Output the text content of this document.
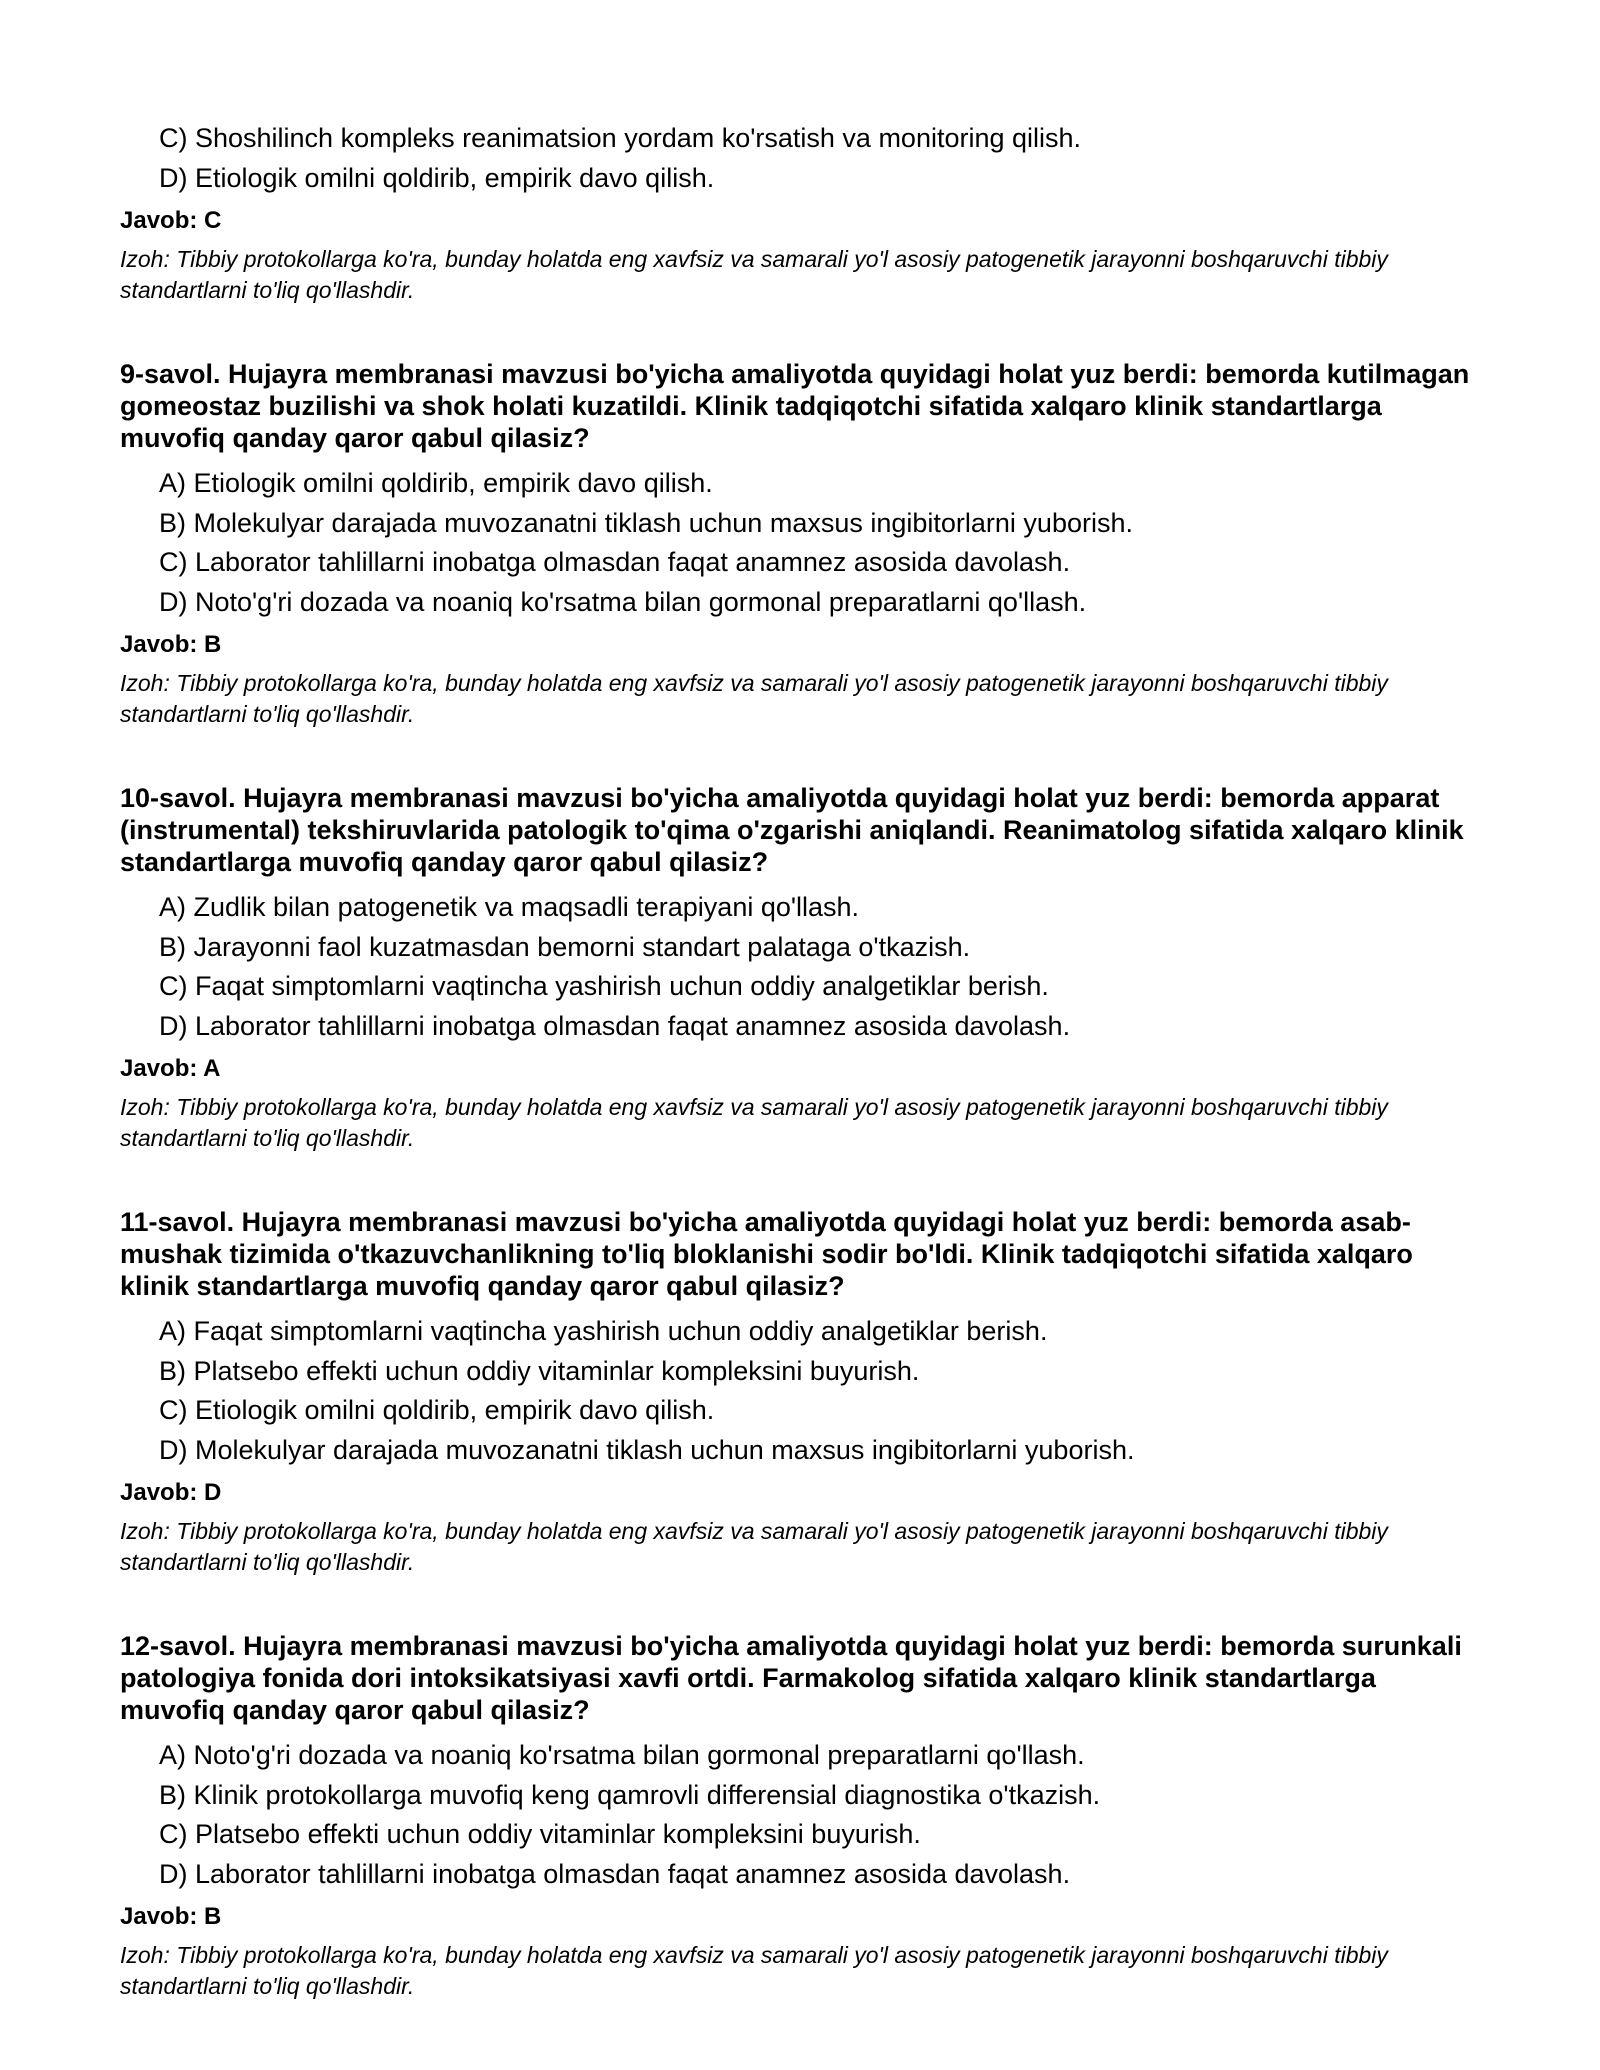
C) Shoshilinch kompleks reanimatsion yordam ko'rsatish va monitoring qilish.
D) Etiologik omilni qoldirib, empirik davo qilish.
Javob: C
Izoh: Tibbiy protokollarga ko'ra, bunday holatda eng xavfsiz va samarali yo'l asosiy patogenetik jarayonni boshqaruvchi tibbiy standartlarni to'liq qo'llashdir.
9-savol. Hujayra membranasi mavzusi bo'yicha amaliyotda quyidagi holat yuz berdi: bemorda kutilmagan gomeostaz buzilishi va shok holati kuzatildi. Klinik tadqiqotchi sifatida xalqaro klinik standartlarga muvofiq qanday qaror qabul qilasiz?
A) Etiologik omilni qoldirib, empirik davo qilish.
B) Molekulyar darajada muvozanatni tiklash uchun maxsus ingibitorlarni yuborish.
C) Laborator tahlillarni inobatga olmasdan faqat anamnez asosida davolash.
D) Noto'g'ri dozada va noaniq ko'rsatma bilan gormonal preparatlarni qo'llash.
Javob: B
Izoh: Tibbiy protokollarga ko'ra, bunday holatda eng xavfsiz va samarali yo'l asosiy patogenetik jarayonni boshqaruvchi tibbiy standartlarni to'liq qo'llashdir.
10-savol. Hujayra membranasi mavzusi bo'yicha amaliyotda quyidagi holat yuz berdi: bemorda apparat (instrumental) tekshiruvlarida patologik to'qima o'zgarishi aniqlandi. Reanimatolog sifatida xalqaro klinik standartlarga muvofiq qanday qaror qabul qilasiz?
A) Zudlik bilan patogenetik va maqsadli terapiyani qo'llash.
B) Jarayonni faol kuzatmasdan bemorni standart palataga o'tkazish.
C) Faqat simptomlarni vaqtincha yashirish uchun oddiy analgetiklar berish.
D) Laborator tahlillarni inobatga olmasdan faqat anamnez asosida davolash.
Javob: A
Izoh: Tibbiy protokollarga ko'ra, bunday holatda eng xavfsiz va samarali yo'l asosiy patogenetik jarayonni boshqaruvchi tibbiy standartlarni to'liq qo'llashdir.
11-savol. Hujayra membranasi mavzusi bo'yicha amaliyotda quyidagi holat yuz berdi: bemorda asab-mushak tizimida o'tkazuvchanlikning to'liq bloklanishi sodir bo'ldi. Klinik tadqiqotchi sifatida xalqaro klinik standartlarga muvofiq qanday qaror qabul qilasiz?
A) Faqat simptomlarni vaqtincha yashirish uchun oddiy analgetiklar berish.
B) Platsebo effekti uchun oddiy vitaminlar kompleksini buyurish.
C) Etiologik omilni qoldirib, empirik davo qilish.
D) Molekulyar darajada muvozanatni tiklash uchun maxsus ingibitorlarni yuborish.
Javob: D
Izoh: Tibbiy protokollarga ko'ra, bunday holatda eng xavfsiz va samarali yo'l asosiy patogenetik jarayonni boshqaruvchi tibbiy standartlarni to'liq qo'llashdir.
12-savol. Hujayra membranasi mavzusi bo'yicha amaliyotda quyidagi holat yuz berdi: bemorda surunkali patologiya fonida dori intoksikatsiyasi xavfi ortdi. Farmakolog sifatida xalqaro klinik standartlarga muvofiq qanday qaror qabul qilasiz?
A) Noto'g'ri dozada va noaniq ko'rsatma bilan gormonal preparatlarni qo'llash.
B) Klinik protokollarga muvofiq keng qamrovli differensial diagnostika o'tkazish.
C) Platsebo effekti uchun oddiy vitaminlar kompleksini buyurish.
D) Laborator tahlillarni inobatga olmasdan faqat anamnez asosida davolash.
Javob: B
Izoh: Tibbiy protokollarga ko'ra, bunday holatda eng xavfsiz va samarali yo'l asosiy patogenetik jarayonni boshqaruvchi tibbiy standartlarni to'liq qo'llashdir.
